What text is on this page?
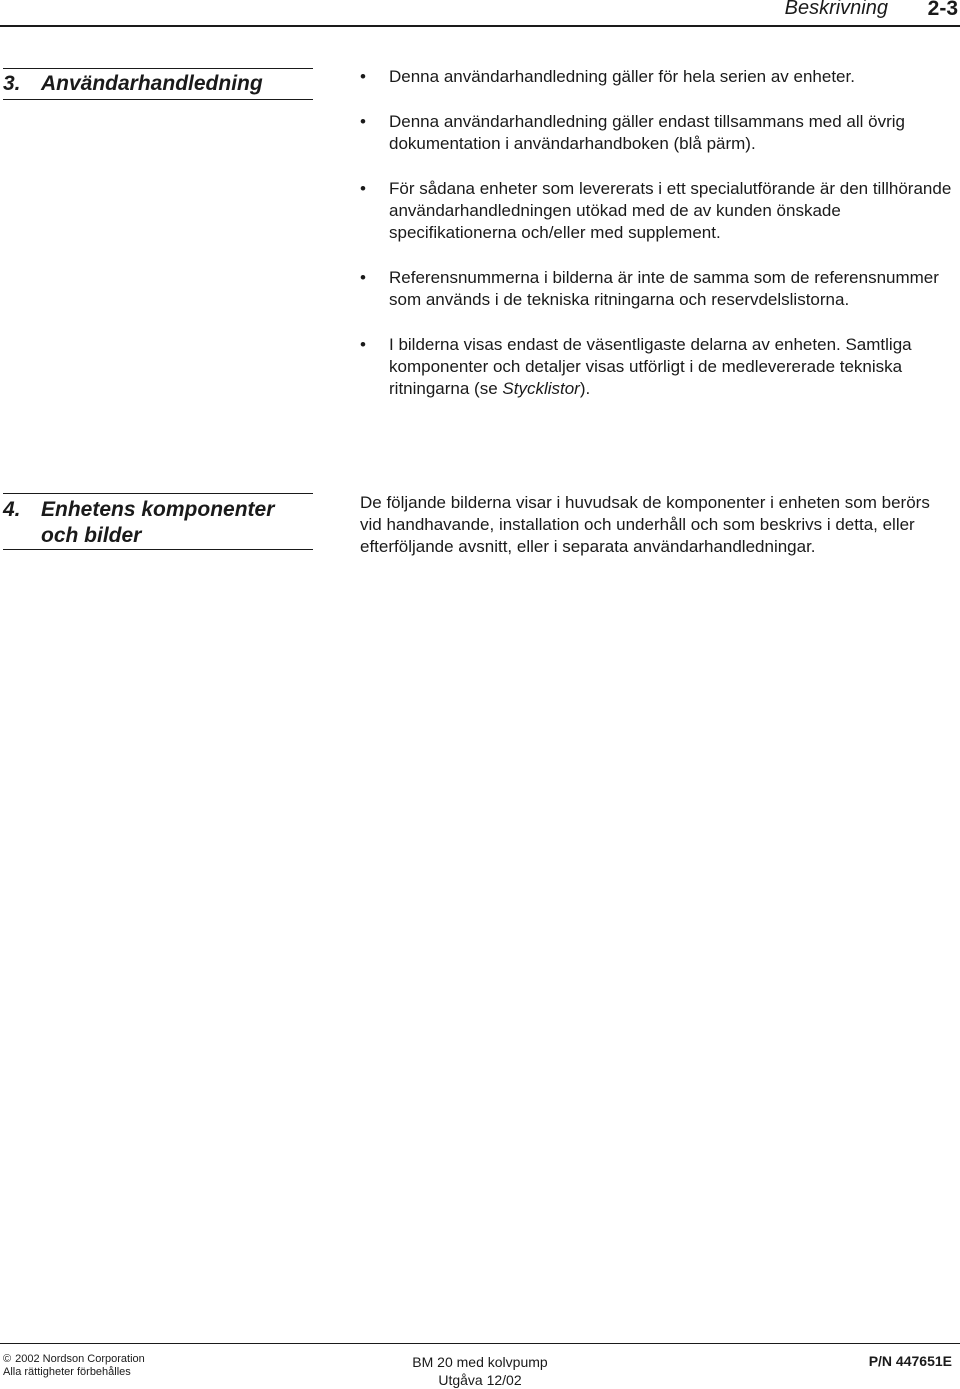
Beskrivning 2-3
3. Användarhandledning	• Denna användarhandledning gäller för hela serien av enheter.
• Denna användarhandledning gäller endast tillsammans med all övrig dokumentation i användarhandboken (blå pärm).
• För sådana enheter som levererats i ett specialutförande är den tillhörande användarhandledningen utökad med de av kunden önskade specifikationerna och/eller med supplement.
• Referensnummerna i bilderna är inte de samma som de referensnummer som används i de tekniska ritningarna och reservdelslistorna.
• I bilderna visas endast de väsentligaste delarna av enheten. Samtliga komponenter och detaljer visas utförligt i de medlevererade tekniska ritningarna (se Stycklistor).
4. Enhetens komponenter

och bilder

De följande bilderna visar i huvudsak de komponenter i enheten som berörs vid handhavande, installation och underhåll och som beskrivs i detta, eller efterföljande avsnitt, eller i separata användarhandledningar.

© 2002 Nordson Corporation
Alla rättigheter förbehålles
BM 20 med kolvpump
Utgåva 12/02
P/N 447651E
